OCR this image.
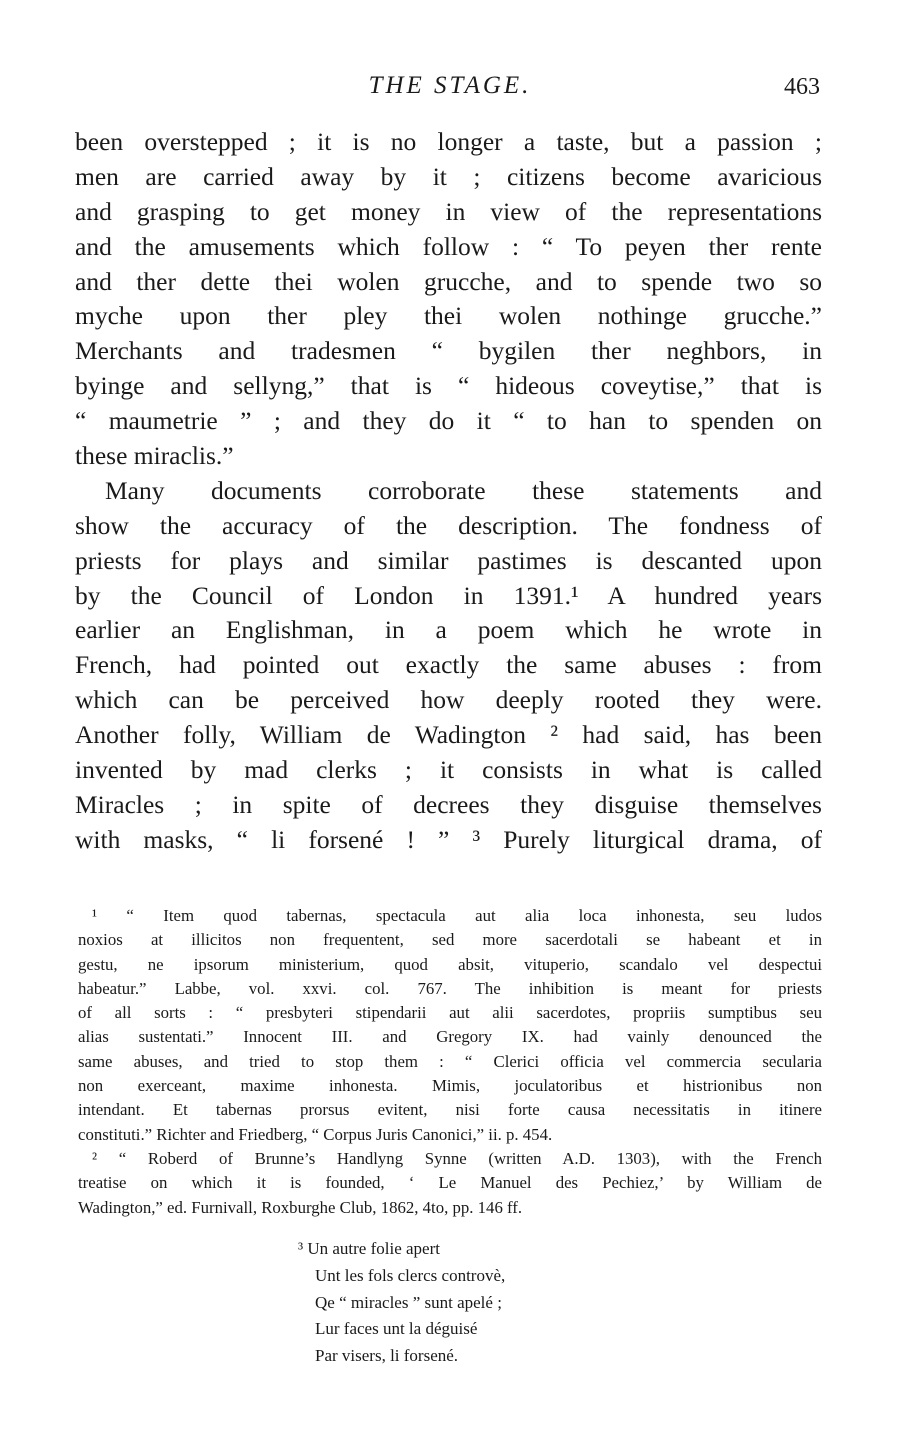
THE STAGE.	463
been overstepped ; it is no longer a taste, but a passion ;
men are carried away by it ; citizens become avaricious
and grasping to get money in view of the representations
and the amusements which follow : “ To peyen ther rente
and ther dette thei wolen grucche, and to spende two so
myche upon ther pley thei wolen nothinge grucche.”
Merchants and tradesmen “ bygilen ther neghbors, in
byinge and sellyng,” that is “ hideous coveytise,” that is
“ maumetrie ” ; and they do it “ to han to spenden on
these miraclis.”
Many documents corroborate these statements and
show the accuracy of the description. The fondness of
priests for plays and similar pastimes is descanted upon
by the Council of London in 1391.¹ A hundred years
earlier an Englishman, in a poem which he wrote in
French, had pointed out exactly the same abuses : from
which can be perceived how deeply rooted they were.
Another folly, William de Wadington ² had said, has been
invented by mad clerks ; it consists in what is called
Miracles ; in spite of decrees they disguise themselves
with masks, “ li forsené ! ” ³ Purely liturgical drama, of
¹ “ Item quod tabernas, spectacula aut alia loca inhonesta, seu ludos
noxios at illicitos non frequentent, sed more sacerdotali se habeant et in
gestu, ne ipsorum ministerium, quod absit, vituperio, scandalo vel despectui
habeatur.” Labbe, vol. xxvi. col. 767. The inhibition is meant for priests
of all sorts : “ presbyteri stipendarii aut alii sacerdotes, propriis sumptibus seu
alias sustentati.” Innocent III. and Gregory IX. had vainly denounced the
same abuses, and tried to stop them : “ Clerici officia vel commercia secularia
non exerceant, maxime inhonesta. Mimis, joculatoribus et histrionibus non
intendant. Et tabernas prorsus evitent, nisi forte causa necessitatis in itinere
constituti.” Richter and Friedberg, “ Corpus Juris Canonici,” ii. p. 454.
² “ Roberd of Brunne’s Handlyng Synne (written A.D. 1303), with the French
treatise on which it is founded, ‘ Le Manuel des Pechiez,’ by William de
Wadington,” ed. Furnivall, Roxburghe Club, 1862, 4to, pp. 146 ff.
³ Un autre folie apert
Unt les fols clercs controvè,
Qe “ miracles ” sunt apelé ;
Lur faces unt la déguisé
Par visers, li forsené.
